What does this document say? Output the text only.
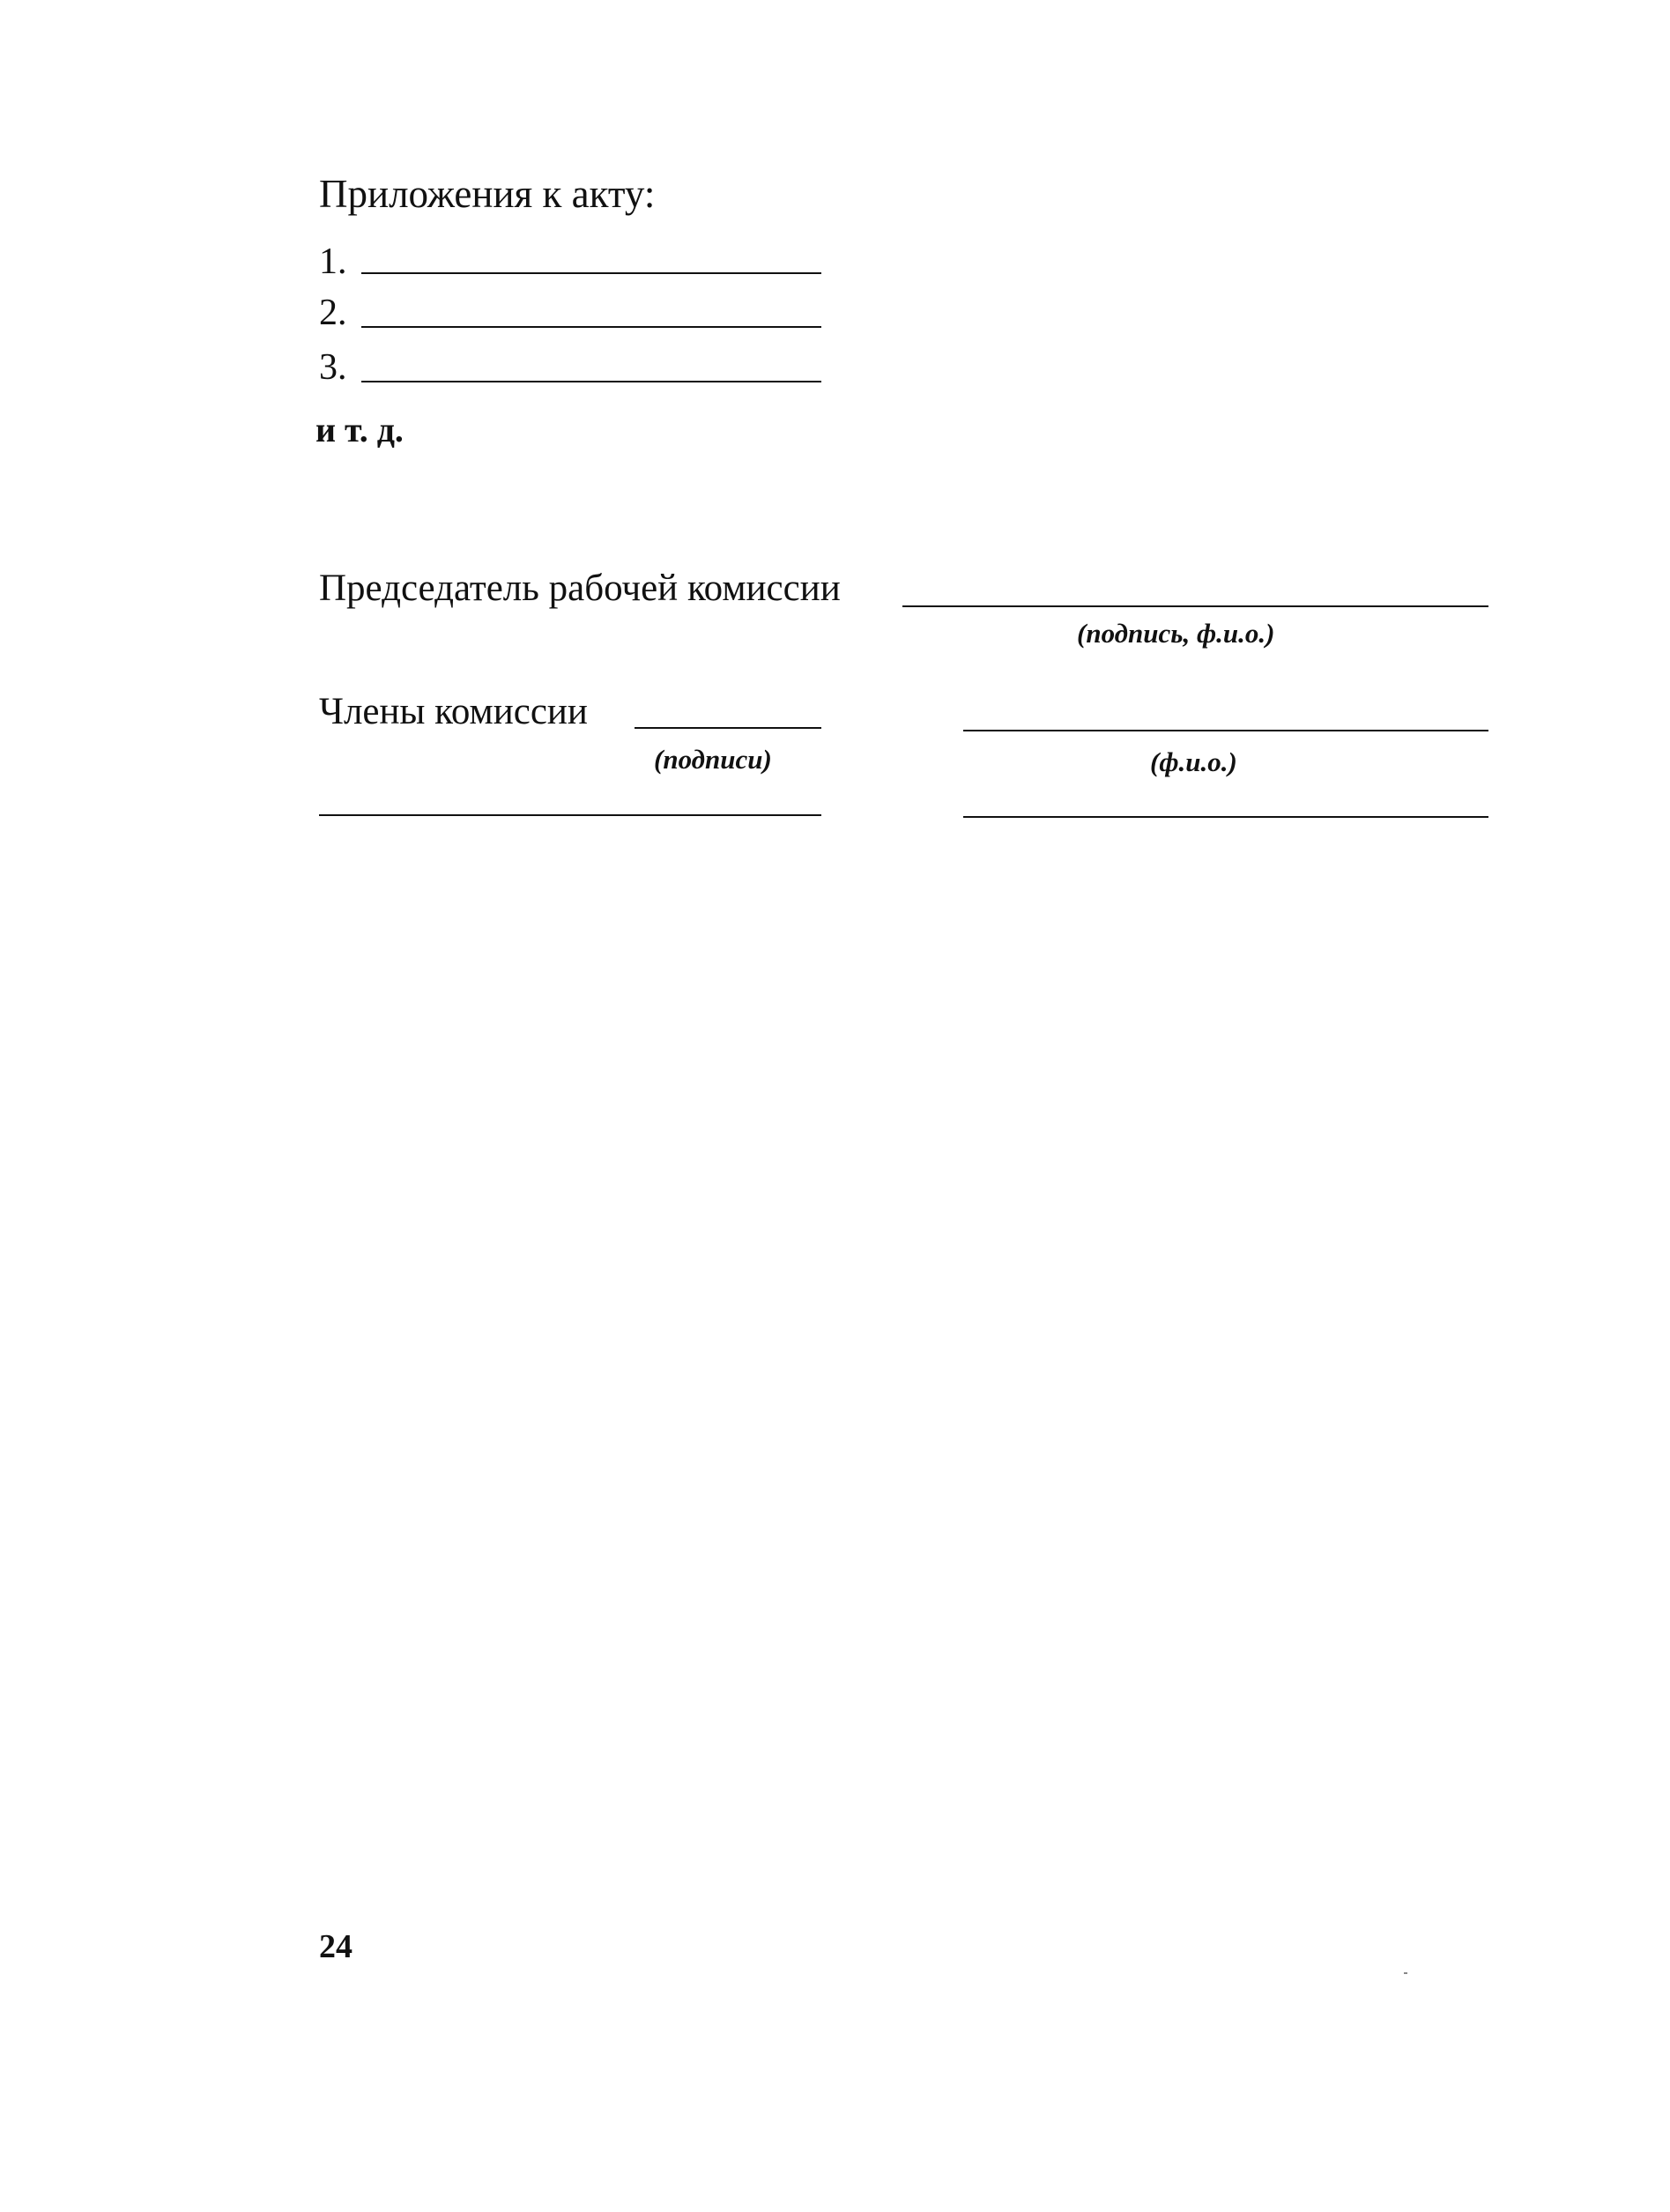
Приложения к акту:
1.
2.
3.
и т. д.
Председатель рабочей комиссии
(подпись, ф.и.о.)
Члены комиссии
(подписи)	(ф.и.о.)
24
